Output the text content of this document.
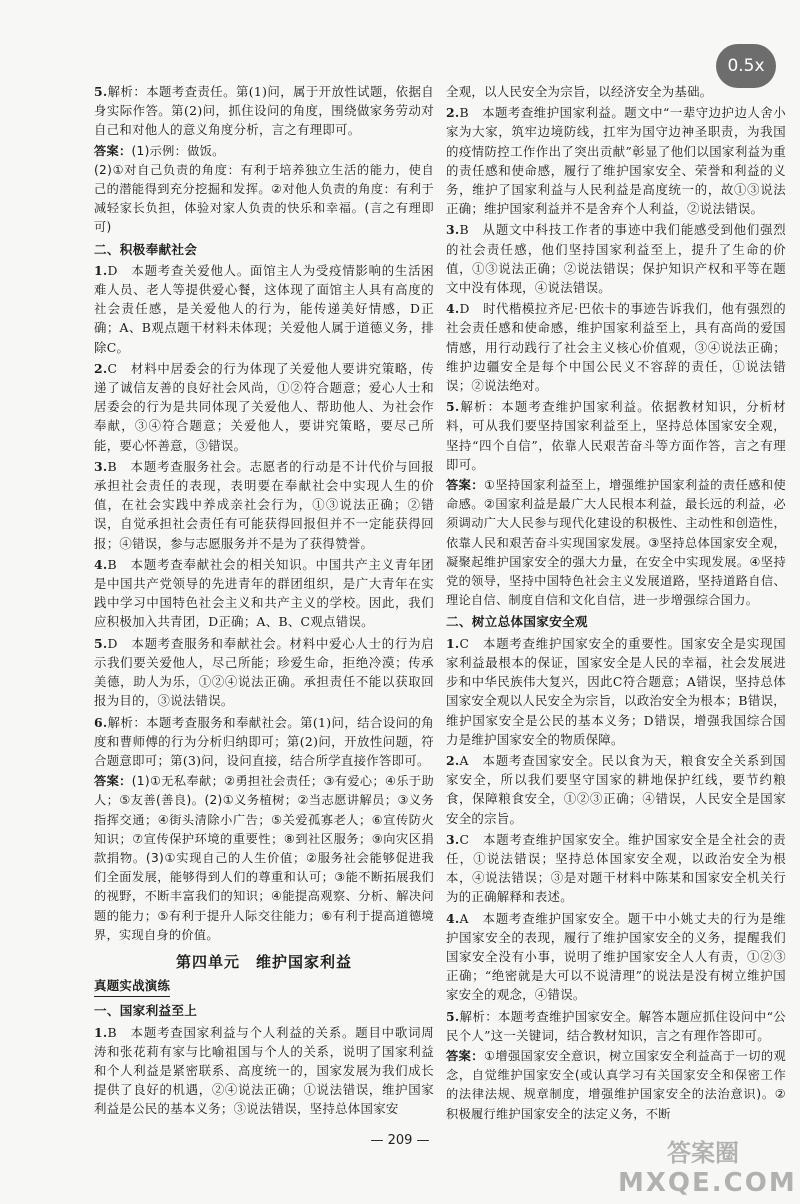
0.5x
5.解析：本题考查责任。第(1)问，属于开放性试题，依据自身实际作答。第(2)问，抓住设问的角度，围绕做家务劳动对自己和对他人的意义角度分析，言之有理即可。
答案：(1)示例：做饭。
(2)①对自己负责的角度：有利于培养独立生活的能力，使自己的潜能得到充分挖掘和发挥。②对他人负责的角度：有利于减轻家长负担，体验对家人负责的快乐和幸福。(言之有理即可)
二、积极奉献社会
1.D　本题考查关爱他人。面馆主人为受疫情影响的生活困难人员、老人等提供爱心餐，这体现了面馆主人具有高度的社会责任感，是关爱他人的行为，能传递美好情感，D正确；A、B观点题干材料未体现；关爱他人属于道德义务，排除C。
2.C　材料中居委会的行为体现了关爱他人要讲究策略，传递了诚信友善的良好社会风尚，①②符合题意；爱心人士和居委会的行为是共同体现了关爱他人、帮助他人、为社会作奉献，③④符合题意；关爱他人，要讲究策略，要尽己所能，要心怀善意，③错误。
3.B　本题考查服务社会。志愿者的行动是不计代价与回报承担社会责任的表现，表明要在奉献社会中实现人生的价值，在社会实践中养成亲社会行为，①③说法正确；②错误，自觉承担社会责任有可能获得回报但并不一定能获得回报；④错误，参与志愿服务并不是为了获得赞誉。
4.B　本题考查奉献社会的相关知识。中国共产主义青年团是中国共产党领导的先进青年的群团组织，是广大青年在实践中学习中国特色社会主义和共产主义的学校。因此，我们应积极加入共青团，D正确；A、B、C观点错误。
5.D　本题考查服务和奉献社会。材料中爱心人士的行为启示我们要关爱他人，尽己所能；珍爱生命，拒绝冷漠；传承美德，助人为乐，①②④说法正确。承担责任不能以获取回报为目的，③说法错误。
6.解析：本题考查服务和奉献社会。第(1)问，结合设问的角度和曹师傅的行为分析归纳即可；第(2)问，开放性问题，符合题意即可；第(3)问，设问直接，结合所学直接作答即可。
答案：(1)①无私奉献；②勇担社会责任；③有爱心；④乐于助人；⑤友善(善良)。(2)①义务植树；②当志愿讲解员；③义务指挥交通；④街头清除小广告；⑤关爱孤寡老人；⑥宣传防火知识；⑦宣传保护环境的重要性；⑧到社区服务；⑨向灾区捐款捐物。(3)①实现自己的人生价值；②服务社会能够促进我们全面发展，能够得到人们的尊重和认可；③能不断拓展我们的视野，不断丰富我们的知识；④能提高观察、分析、解决问题的能力；⑤有利于提升人际交往能力；⑥有利于提高道德境界，实现自身的价值。
第四单元　维护国家利益
真题实战演练
一、国家利益至上
1.B　本题考查国家利益与个人利益的关系。题目中歌词周涛和张花莉有家与比喻祖国与个人的关系，说明了国家利益和个人利益是紧密联系、高度统一的，国家发展为我们成长提供了良好的机遇，②④说法正确；①说法错误，维护国家利益是公民的基本义务；③说法错误，坚持总体国家安
全观，以人民安全为宗旨，以经济安全为基础。
2.B　本题考查维护国家利益。题文中“一辈守边护边人舍小家为大家，筑牢边境防线，扛牢为国守边神圣职责，为我国的疫情防控工作作出了突出贡献”彰显了他们以国家利益为重的责任感和使命感，履行了维护国家安全、荣誉和利益的义务，维护了国家利益与人民利益是高度统一的，故①③说法正确；维护国家利益并不是舍弃个人利益，②说法错误。
3.B　从题文中科技工作者的事迹中我们能感受到他们强烈的社会责任感，他们坚持国家利益至上，提升了生命的价值，①③说法正确；②说法错误；保护知识产权和平等在题文中没有体现，④说法错误。
4.D　时代楷模拉齐尼·巴依卡的事迹告诉我们，他有强烈的社会责任感和使命感，维护国家利益至上，具有高尚的爱国情感，用行动践行了社会主义核心价值观，③④说法正确；维护边疆安全是每个中国公民义不容辞的责任，①说法错误；②说法绝对。
5.解析：本题考查维护国家利益。依据教材知识，分析材料，可从我们要坚持国家利益至上，坚持总体国家安全观，坚持“四个自信”，依靠人民艰苦奋斗等方面作答，言之有理即可。
答案：①坚持国家利益至上，增强维护国家利益的责任感和使命感。②国家利益是最广大人民根本利益，最长远的利益，必须调动广大人民参与现代化建设的积极性、主动性和创造性，依靠人民和艰苦奋斗实现国家发展。③坚持总体国家安全观，凝聚起维护国家安全的强大力量，在安全中实现发展。④坚持党的领导，坚持中国特色社会主义发展道路，坚持道路自信、理论自信、制度自信和文化自信，进一步增强综合国力。
二、树立总体国家安全观
1.C　本题考查维护国家安全的重要性。国家安全是实现国家利益最根本的保证，国家安全是人民的幸福，社会发展进步和中华民族伟大复兴，因此C符合题意；A错误，坚持总体国家安全观以人民安全为宗旨，以政治安全为根本；B错误，维护国家安全是公民的基本义务；D错误，增强我国综合国力是维护国家安全的物质保障。
2.A　本题考查国家安全。民以食为天，粮食安全关系到国家安全，所以我们要坚守国家的耕地保护红线，要节约粮食，保障粮食安全，①②③正确；④错误，人民安全是国家安全的宗旨。
3.C　本题考查维护国家安全。维护国家安全是全社会的责任，①说法错误；坚持总体国家安全观，以政治安全为根本，④说法错误；③是对题干材料中陈某和国家安全机关行为的正确解释和表述。
4.A　本题考查维护国家安全。题干中小姚丈夫的行为是维护国家安全的表现，履行了维护国家安全的义务，提醒我们国家安全没有小事，说明了维护国家安全人人有责，①②③正确；“绝密就是大可以不说清理”的说法是没有树立维护国家安全的观念，④错误。
5.解析：本题考查维护国家安全。解答本题应抓住设问中“公民个人”这一关键词，结合教材知识，言之有理作答即可。
答案：①增强国家安全意识，树立国家安全利益高于一切的观念，自觉维护国家安全(或认真学习有关国家安全和保密工作的法律法规、规章制度，增强维护国家安全的法治意识)。②积极履行维护国家安全的法定义务，不断
— 209 —	答案圈
MXQE.COM
